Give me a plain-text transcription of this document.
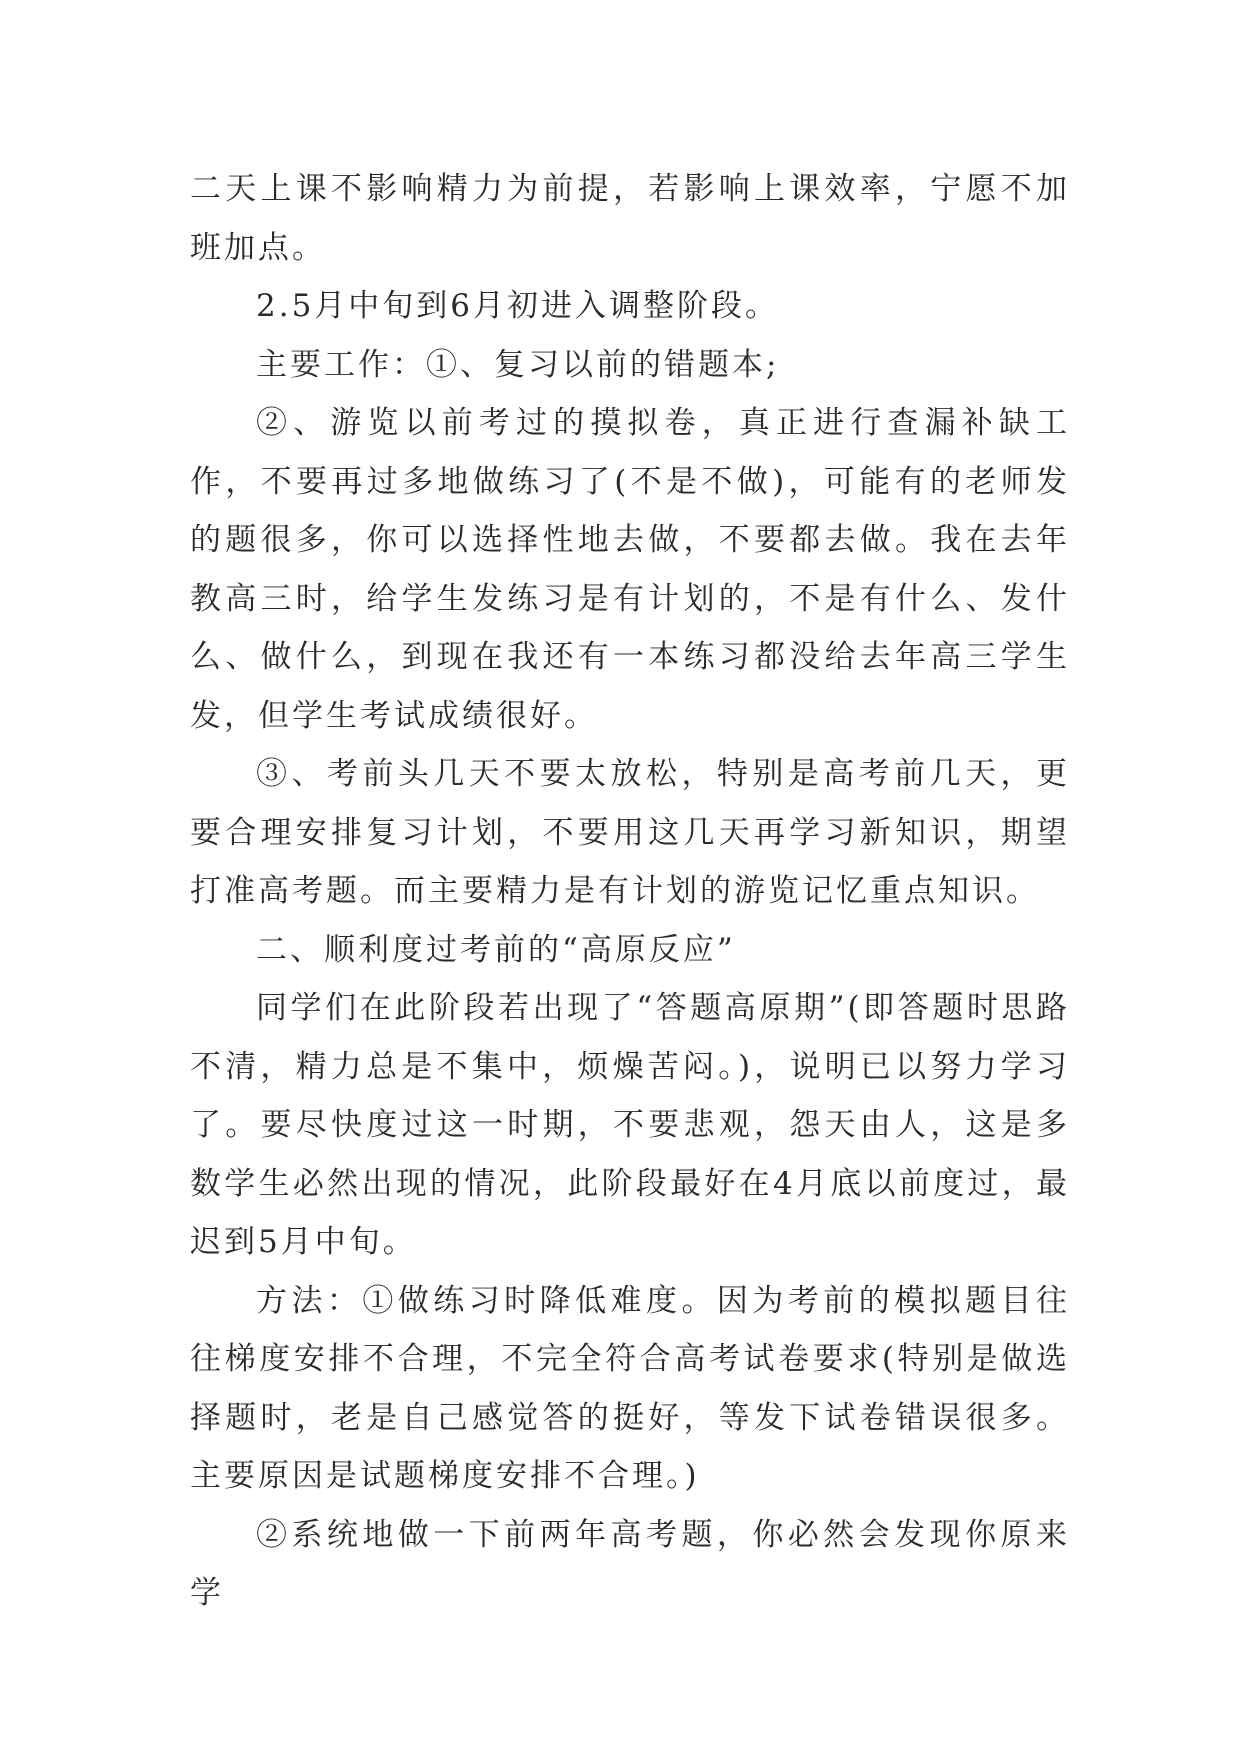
二天上课不影响精力为前提，若影响上课效率，宁愿不加班加点。

2.5月中旬到6月初进入调整阶段。

主要工作：①、复习以前的错题本;

②、游览以前考过的摸拟卷，真正进行查漏补缺工作，不要再过多地做练习了(不是不做)，可能有的老师发的题很多，你可以选择性地去做，不要都去做。我在去年教高三时，给学生发练习是有计划的，不是有什么、发什么、做什么，到现在我还有一本练习都没给去年高三学生发，但学生考试成绩很好。

③、考前头几天不要太放松，特别是高考前几天，更要合理安排复习计划，不要用这几天再学习新知识，期望打准高考题。而主要精力是有计划的游览记忆重点知识。

二、顺利度过考前的“高原反应”

同学们在此阶段若出现了“答题高原期”(即答题时思路不清，精力总是不集中，烦燥苦闷。)，说明已以努力学习了。要尽快度过这一时期，不要悲观，怨天由人，这是多数学生必然出现的情况，此阶段最好在4月底以前度过，最迟到5月中旬。

方法：①做练习时降低难度。因为考前的模拟题目往往梯度安排不合理，不完全符合高考试卷要求(特别是做选择题时，老是自己感觉答的挺好，等发下试卷错误很多。主要原因是试题梯度安排不合理。)

②系统地做一下前两年高考题，你必然会发现你原来学
